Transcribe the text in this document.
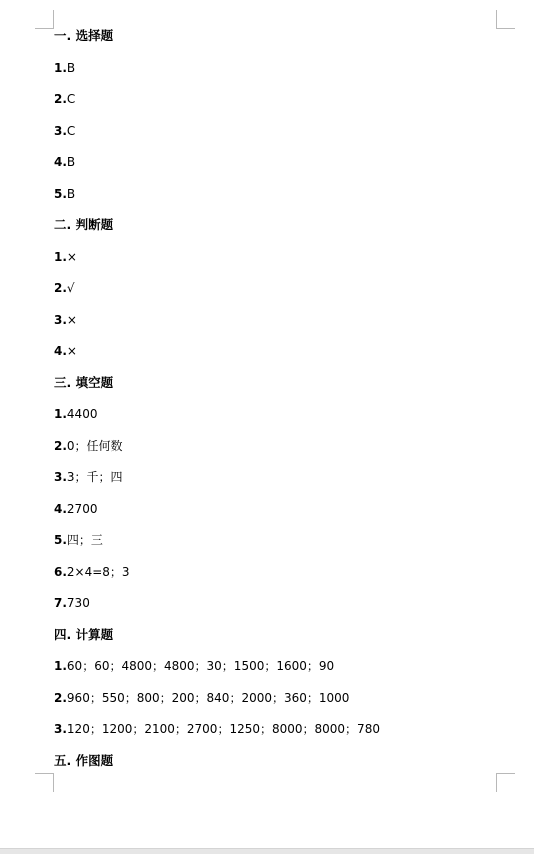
一. 选择题
1.B
2.C
3.C
4.B
5.B
二. 判断题
1.×
2.√
3.×
4.×
三. 填空题
1.4400
2.0；任何数
3.3；千；四
4.2700
5.四；三
6.2×4=8；3
7.730
四. 计算题
1.60；60；4800；4800；30；1500；1600；90
2.960；550；800；200；840；2000；360；1000
3.120；1200；2100；2700；1250；8000；8000；780
五. 作图题
